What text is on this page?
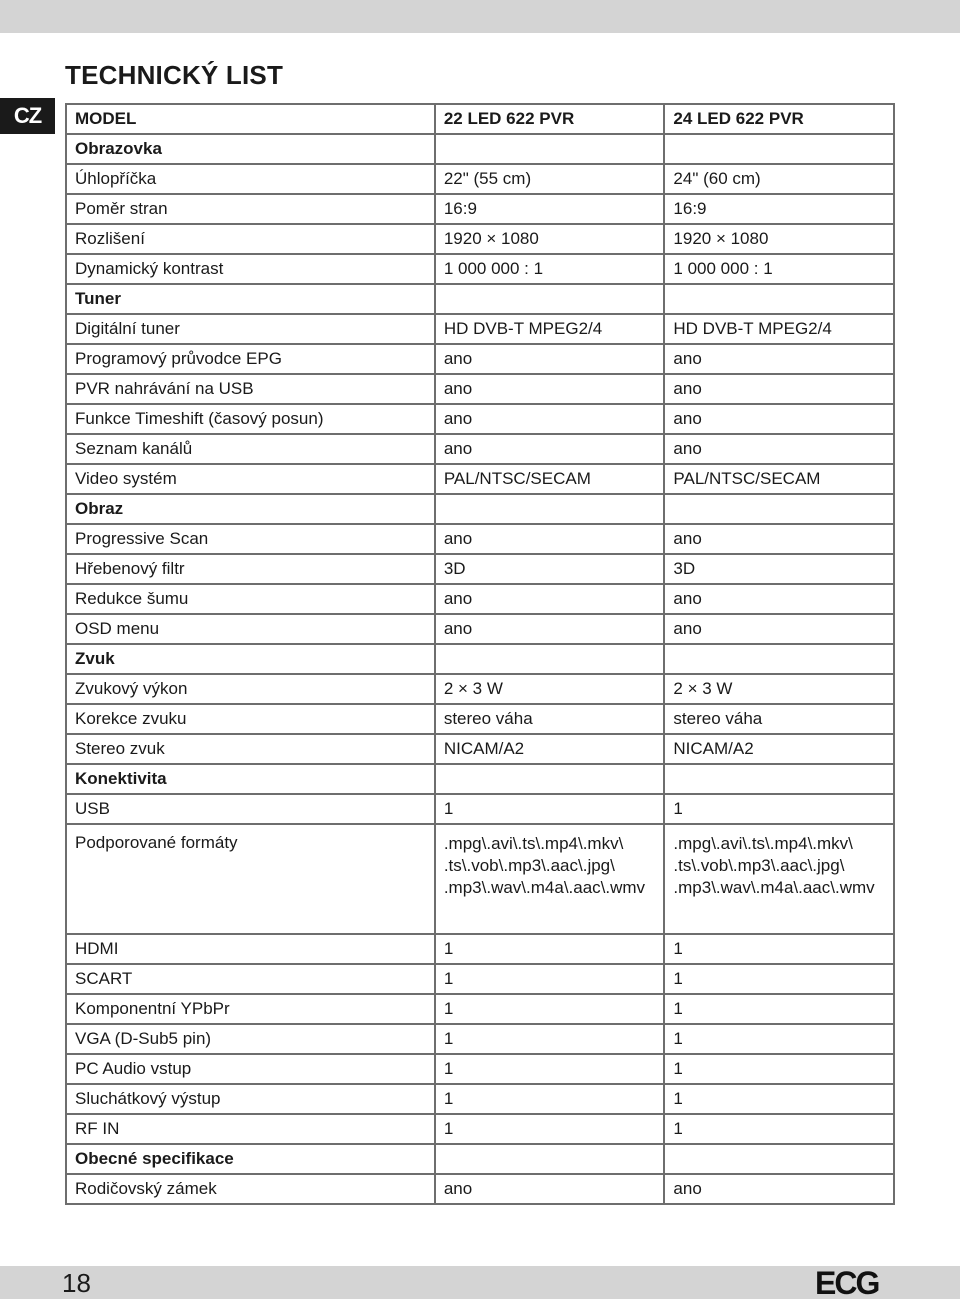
CZ
TECHNICKÝ LIST
MODEL	22 LED 622 PVR	24 LED 622 PVR
Obrazovka		
Úhlopříčka	22" (55 cm)	24" (60 cm)
Poměr stran	16:9	16:9
Rozlišení	1920 × 1080	1920 × 1080
Dynamický kontrast	1 000 000 : 1	1 000 000 : 1
Tuner		
Digitální tuner	HD DVB-T MPEG2/4	HD DVB-T MPEG2/4
Programový průvodce EPG	ano	ano
PVR nahrávání na USB	ano	ano
Funkce Timeshift (časový posun)	ano	ano
Seznam kanálů	ano	ano
Video systém	PAL/NTSC/SECAM	PAL/NTSC/SECAM
Obraz		
Progressive Scan	ano	ano
Hřebenový filtr	3D	3D
Redukce šumu	ano	ano
OSD menu	ano	ano
Zvuk		
Zvukový výkon	2 × 3 W	2 × 3 W
Korekce zvuku	stereo váha	stereo váha
Stereo zvuk	NICAM/A2	NICAM/A2
Konektivita		
USB	1	1
Podporované formáty	.mpg\.avi\.ts\.mp4\.mkv\
.ts\.vob\.mp3\.aac\.jpg\
.mp3\.wav\.m4a\.aac\.wmv	.mpg\.avi\.ts\.mp4\.mkv\
.ts\.vob\.mp3\.aac\.jpg\
.mp3\.wav\.m4a\.aac\.wmv
HDMI	1	1
SCART	1	1
Komponentní YPbPr	1	1
VGA (D-Sub5 pin)	1	1
PC Audio vstup	1	1
Sluchátkový výstup	1	1
RF IN	1	1
Obecné specifikace		
Rodičovský zámek	ano	ano
18	ECG
